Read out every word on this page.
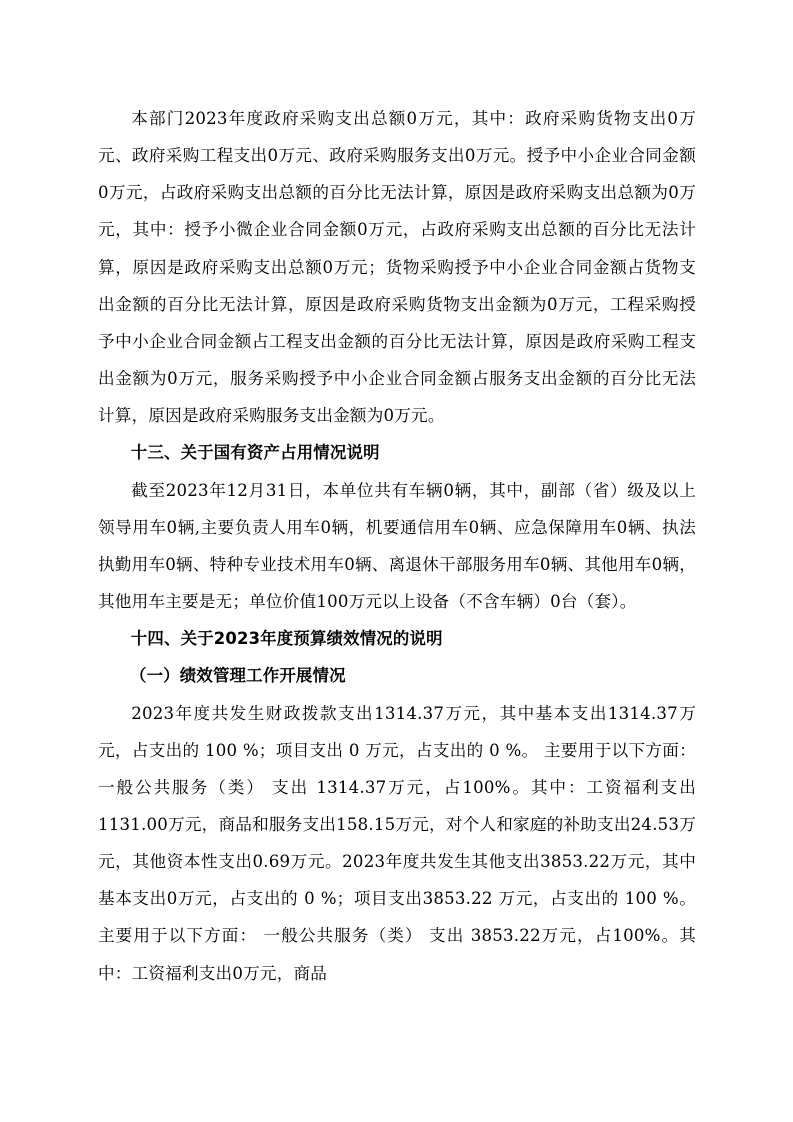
本部门2023年度政府采购支出总额0万元，其中：政府采购货物支出0万元、政府采购工程支出0万元、政府采购服务支出0万元。授予中小企业合同金额0万元，占政府采购支出总额的百分比无法计算，原因是政府采购支出总额为0万元，其中：授予小微企业合同金额0万元，占政府采购支出总额的百分比无法计算，原因是政府采购支出总额0万元；货物采购授予中小企业合同金额占货物支出金额的百分比无法计算，原因是政府采购货物支出金额为0万元，工程采购授予中小企业合同金额占工程支出金额的百分比无法计算，原因是政府采购工程支出金额为0万元，服务采购授予中小企业合同金额占服务支出金额的百分比无法计算，原因是政府采购服务支出金额为0万元。

十三、关于国有资产占用情况说明

截至2023年12月31日，本单位共有车辆0辆，其中，副部（省）级及以上领导用车0辆,主要负责人用车0辆，机要通信用车0辆、应急保障用车0辆、执法执勤用车0辆、特种专业技术用车0辆、离退休干部服务用车0辆、其他用车0辆，其他用车主要是无；单位价值100万元以上设备（不含车辆）0台（套）。

十四、关于2023年度预算绩效情况的说明

（一）绩效管理工作开展情况

2023年度共发生财政拨款支出1314.37万元，其中基本支出1314.37万元，占支出的 100 %；项目支出 0 万元，占支出的 0 %。 主要用于以下方面： 一般公共服务（类） 支出 1314.37万元，占100%。其中：工资福利支出1131.00万元，商品和服务支出158.15万元，对个人和家庭的补助支出24.53万元，其他资本性支出0.69万元。2023年度共发生其他支出3853.22万元，其中基本支出0万元，占支出的 0 %；项目支出3853.22 万元，占支出的 100 %。 主要用于以下方面： 一般公共服务（类） 支出 3853.22万元，占100%。其中：工资福利支出0万元，商品
